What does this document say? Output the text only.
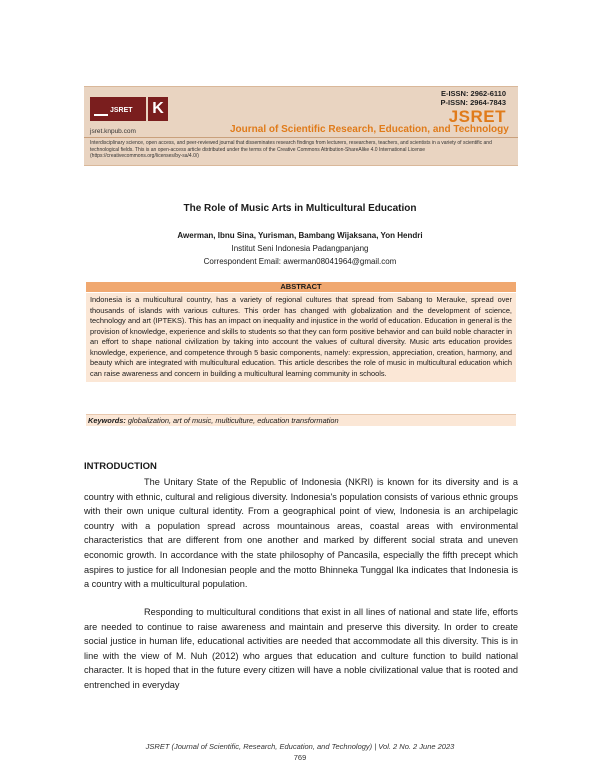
JSRET K
jsret.knpub.com
E-ISSN: 2962-6110
P-ISSN: 2964-7843
JSRET
Journal of Scientific Research, Education, and Technology
Interdisciplinary science, open access, and peer-reviewed journal that disseminates research findings from lecturers, researchers, teachers, and scientists in a variety of scientific and technological fields. This is an open-access article distributed under the terms of the Creative Commons Attribution-ShareAlike 4.0 International License (https://creativecommons.org/licenses/by-sa/4.0/)
The Role of Music Arts in Multicultural Education
Awerman, Ibnu Sina, Yurisman, Bambang Wijaksana, Yon Hendri
Institut Seni Indonesia Padangpanjang
Correspondent Email: awerman08041964@gmail.com
ABSTRACT
Indonesia is a multicultural country, has a variety of regional cultures that spread from Sabang to Merauke, spread over thousands of islands with various cultures. This order has changed with globalization and the development of science, technology and art (IPTEKS). This has an impact on inequality and injustice in the world of education. Education in general is the provision of knowledge, experience and skills to students so that they can form positive behavior and can build noble character in an effort to shape national civilization by taking into account the values of cultural diversity. Music arts education provides knowledge, experience, and competence through 5 basic components, namely: expression, appreciation, creation, harmony, and beauty which are integrated with multicultural education. This article describes the role of music in multicultural education which can raise awareness and concern in building a multicultural learning community in schools.
Keywords: globalization, art of music, multiculture, education transformation
INTRODUCTION

The Unitary State of the Republic of Indonesia (NKRI) is known for its diversity and is a country with ethnic, cultural and religious diversity. Indonesia's population consists of various ethnic groups with their own unique cultural identity. From a geographical point of view, Indonesia is an archipelagic country with a population spread across mountainous areas, coastal areas with environmental characteristics that are different from one another and marked by different social strata and uneven economic growth. In accordance with the state philosophy of Pancasila, especially the fifth precept which aspires to justice for all Indonesian people and the motto Bhinneka Tunggal Ika indicates that Indonesia is a country with a multicultural population.

Responding to multicultural conditions that exist in all lines of national and state life, efforts are needed to continue to raise awareness and maintain and preserve this diversity. In order to create social justice in human life, educational activities are needed that accommodate all this diversity. This is in line with the view of M. Nuh (2012) who argues that education and culture function to build national character. It is hoped that in the future every citizen will have a noble civilizational value that is rooted and entrenched in everyday

JSRET (Journal of Scientific, Research, Education, and Technology) | Vol. 2 No. 2 June 2023
769
